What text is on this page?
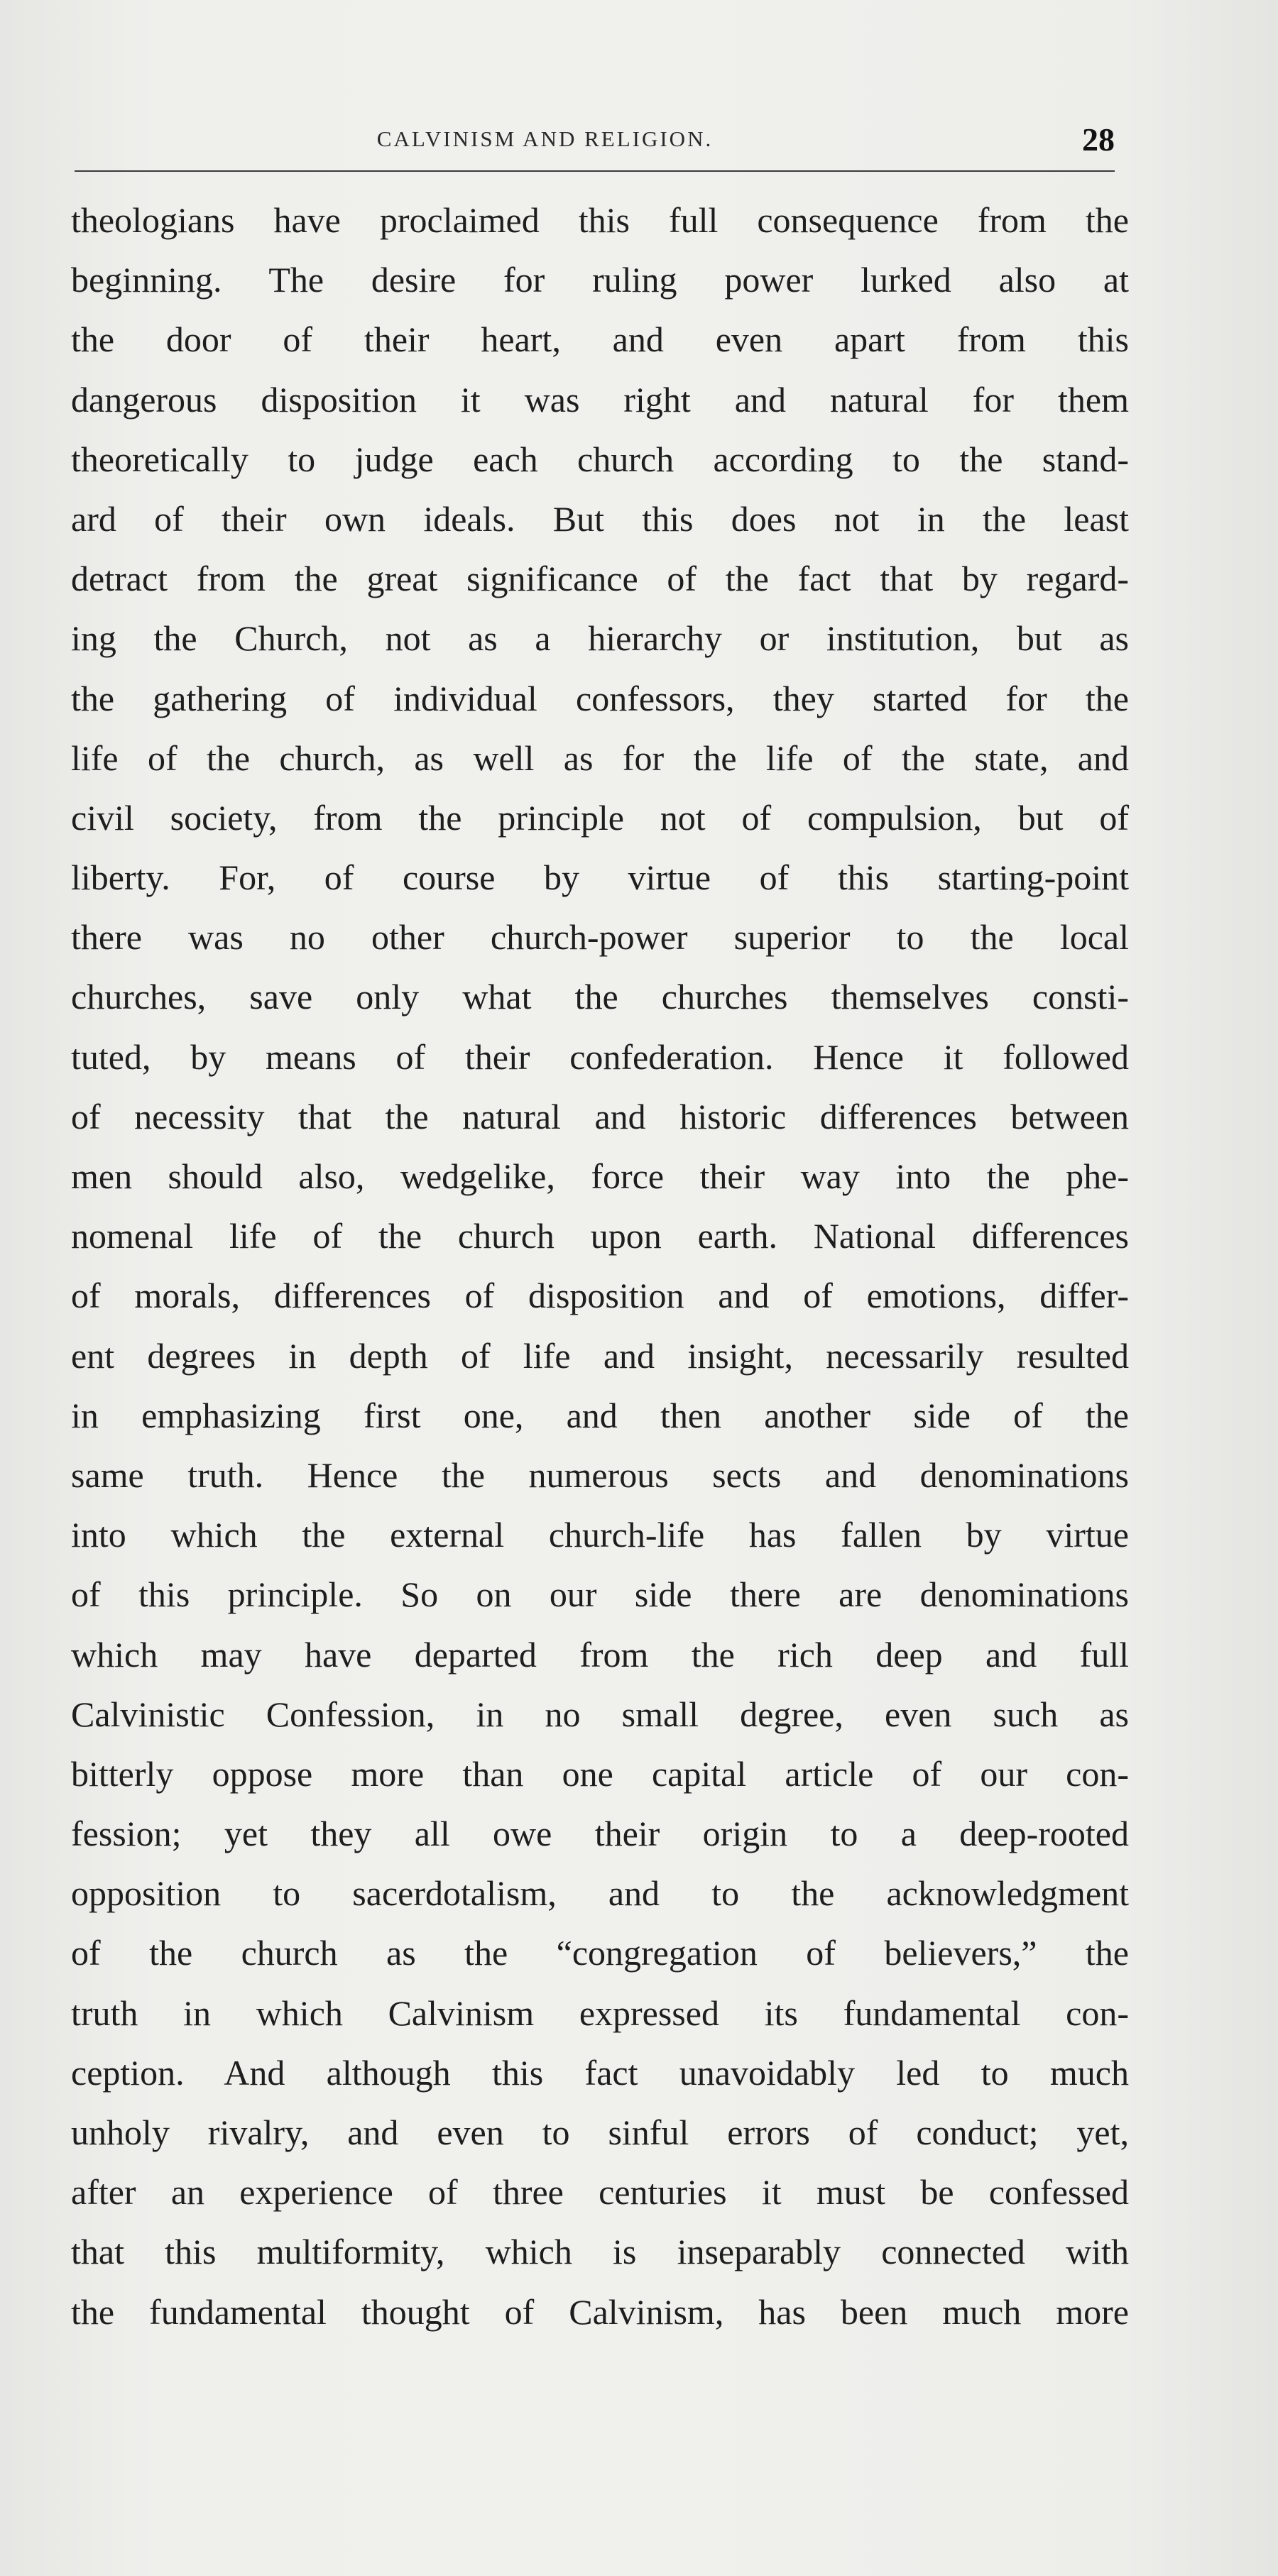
CALVINISM AND RELIGION.	28
theologians have proclaimed this full consequence from the
beginning. The desire for ruling power lurked also at
the door of their heart, and even apart from this
dangerous disposition it was right and natural for them
theoretically to judge each church according to the stand-
ard of their own ideals. But this does not in the least
detract from the great significance of the fact that by regard-
ing the Church, not as a hierarchy or institution, but as
the gathering of individual confessors, they started for the
life of the church, as well as for the life of the state, and
civil society, from the principle not of compulsion, but of
liberty. For, of course by virtue of this starting-point
there was no other church-power superior to the local
churches, save only what the churches themselves consti-
tuted, by means of their confederation. Hence it followed
of necessity that the natural and historic differences between
men should also, wedgelike, force their way into the phe-
nomenal life of the church upon earth. National differences
of morals, differences of disposition and of emotions, differ-
ent degrees in depth of life and insight, necessarily resulted
in emphasizing first one, and then another side of the
same truth. Hence the numerous sects and denominations
into which the external church-life has fallen by virtue
of this principle. So on our side there are denominations
which may have departed from the rich deep and full
Calvinistic Confession, in no small degree, even such as
bitterly oppose more than one capital article of our con-
fession; yet they all owe their origin to a deep-rooted
opposition to sacerdotalism, and to the acknowledgment
of the church as the “congregation of believers,” the
truth in which Calvinism expressed its fundamental con-
ception. And although this fact unavoidably led to much
unholy rivalry, and even to sinful errors of conduct; yet,
after an experience of three centuries it must be confessed
that this multiformity, which is inseparably connected with
the fundamental thought of Calvinism, has been much more
